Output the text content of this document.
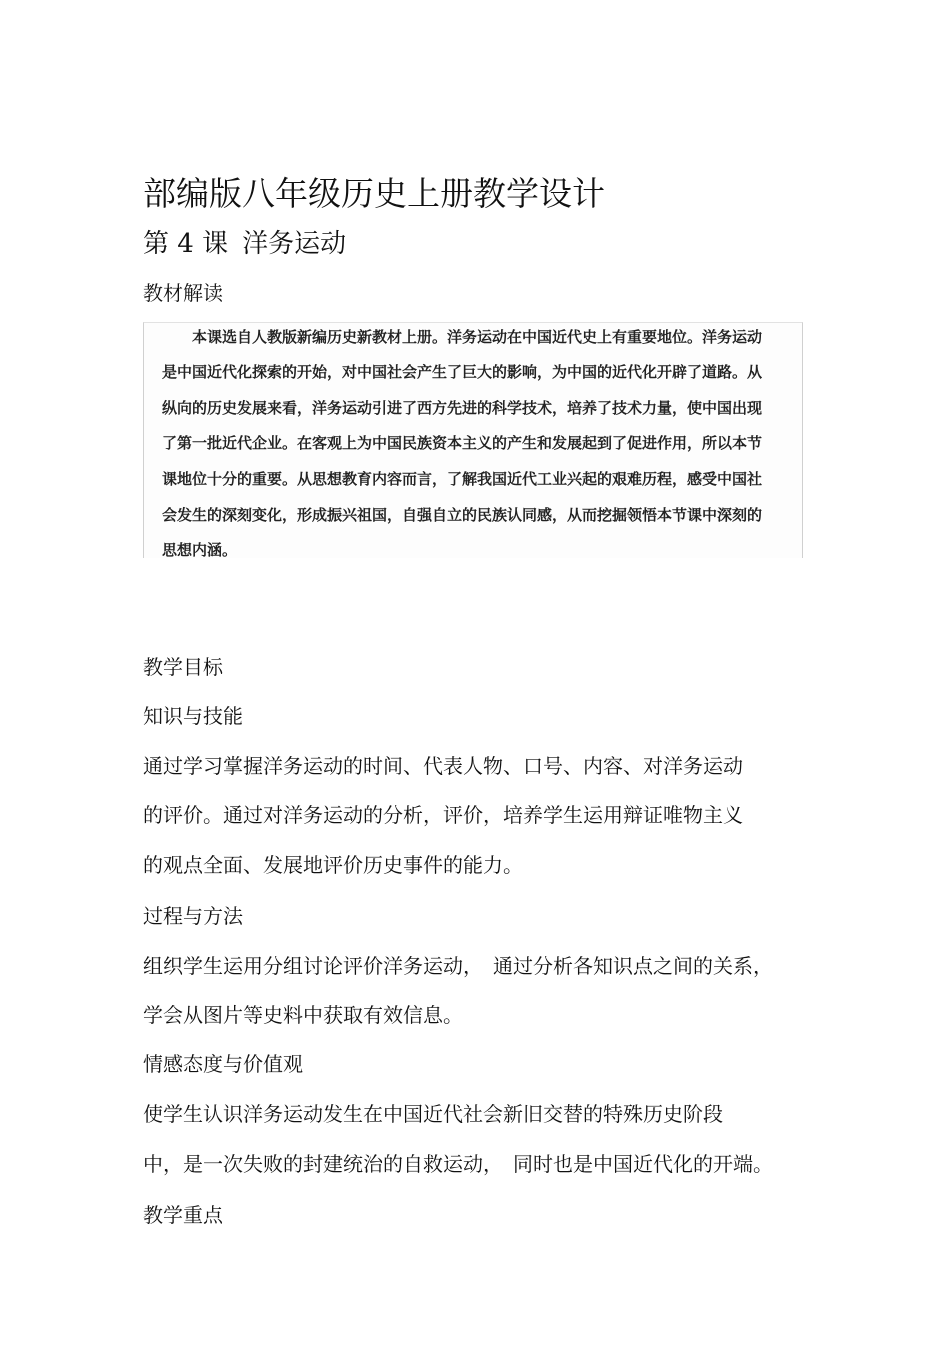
部编版八年级历史上册教学设计
第 4 课 洋务运动
教材解读
　　本课选自人教版新编历史新教材上册。洋务运动在中国近代史上有重要地位。洋务运动
是中国近代化探索的开始，对中国社会产生了巨大的影响，为中国的近代化开辟了道路。从
纵向的历史发展来看，洋务运动引进了西方先进的科学技术，培养了技术力量，使中国出现
了第一批近代企业。在客观上为中国民族资本主义的产生和发展起到了促进作用，所以本节
课地位十分的重要。从思想教育内容而言，了解我国近代工业兴起的艰难历程，感受中国社
会发生的深刻变化，形成振兴祖国，自强自立的民族认同感，从而挖掘领悟本节课中深刻的
思想内涵。
教学目标
知识与技能
通过学习掌握洋务运动的时间、代表人物、口号、内容、对洋务运动
的评价。通过对洋务运动的分析，评价，培养学生运用辩证唯物主义
的观点全面、发展地评价历史事件的能力。
过程与方法
组织学生运用分组讨论评价洋务运动，　通过分析各知识点之间的关系，
学会从图片等史料中获取有效信息。
情感态度与价值观
使学生认识洋务运动发生在中国近代社会新旧交替的特殊历史阶段
中，是一次失败的封建统治的自救运动，　同时也是中国近代化的开端。
教学重点
